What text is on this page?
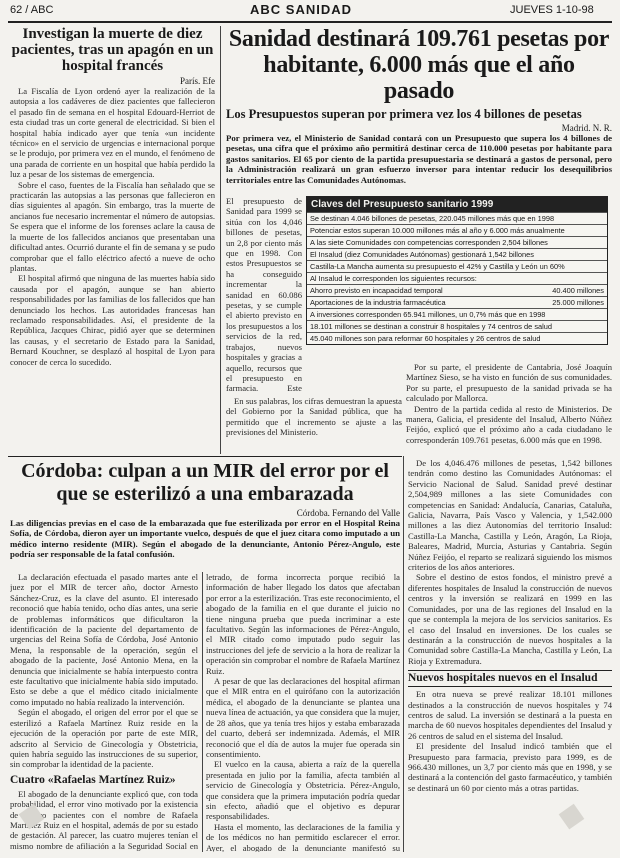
62 / ABC	ABC SANIDAD	JUEVES 1-10-98
Investigan la muerte de diez pacientes, tras un apagón en un hospital francés
París. Efe

La Fiscalía de Lyon ordenó ayer la realización de la autopsia a los cadáveres de diez pacientes que fallecieron el pasado fin de semana en el hospital Edouard-Herriot de esta ciudad tras un corte general de electricidad. Si bien el hospital había indicado ayer que tenía «un incidente técnico» en el servicio de urgencias e internacional porque se le produjo, por primera vez en el mundo, el fenómeno de una parada de corriente en un hospital que había perdido la luz a pesar de los sistemas de emergencia.

Sobre el caso, fuentes de la Fiscalía han señalado que se practicarán las autopsias a las personas que fallecieron en días siguientes al apagón. Sin embargo, tras la muerte de ancianos fue necesario incrementar el número de autopsias. Se espera que el informe de los forenses aclare la causa de la muerte de los fallecidos ancianos que presentaban una dificultad antes. Ocurrió durante el fin de semana y se pudo comprobar que el fallo eléctrico afectó a nueve de ocho plantas.

El hospital afirmó que ninguna de las muertes había sido causada por el apagón, aunque se han abierto responsabilidades por las familias de los fallecidos que han denunciado los hechos. Las autoridades francesas han reclamado responsabilidades. Así, el presidente de la República, Jacques Chirac, pidió ayer que se determinen las causas, y el secretario de Estado para la Sanidad, Bernard Kouchner, se desplazó al hospital de Lyon para conocer de cerca lo sucedido.

Sanidad destinará 109.761 pesetas por habitante, 6.000 más que el año pasado
Los Presupuestos superan por primera vez los 4 billones de pesetas
Madrid. N. R.

Por primera vez, el Ministerio de Sanidad contará con un Presupuesto que supera los 4 billones de pesetas, una cifra que el próximo año permitirá destinar cerca de 110.000 pesetas por habitante para gastos sanitarios. El 65 por ciento de la partida presupuestaria se destinará a gastos de personal, pero la Administración realizará un gran esfuerzo inversor para intentar reducir los desequilibrios territoriales entre las Comunidades Autónomas.

Claves del Presupuesto sanitario 1999
Se destinan 4.046 billones de pesetas, 220.045 millones más que en 1998
Potenciar estos superan 10.000 millones más al año y 6.000 más anualmente
A las siete Comunidades con competencias corresponden 2,504 billones
El Insalud (diez Comunidades Autónomas) gestionará 1,542 billones
Castilla-La Mancha aumenta su presupuesto el 42% y Castilla y León un 60%
Al Insalud le corresponden los siguientes recursos:
Ahorro previsto en incapacidad temporal	40.400 millones
Aportaciones de la industria farmacéutica	25.000 millones
A inversiones corresponden 65.941 millones, un 0,7% más que en 1998
18.101 millones se destinan a construir 8 hospitales y 74 centros de salud
45.040 millones son para reformar 60 hospitales y 26 centros de salud

El presupuesto de Sanidad para 1999 se sitúa con los 4,046 billones de pesetas, un 2,8 por ciento más que en 1998. Con estos Presupuestos se ha conseguido incrementar la sanidad en 60.086 pesetas, y se cumple el abierto previsto en los presupuestos a los servicios de la red, trabajos, nuevos hospitales y gracias a aquello, recursos que el presupuesto en farmacia. Este

En sus palabras, los cifras demuestran la apuesta del Gobierno por la Sanidad pública, que ha permitido que el incremento se ajuste a las previsiones del Ministerio.

Por su parte, el presidente de Cantabria, José Joaquín Martínez Sieso, se ha visto en función de sus comunidades. Por su parte, el presupuesto de la sanidad privada se ha calculado por Mallorca.

Dentro de la partida cedida al resto de Ministerios. De manera, Galicia, el presidente del Insalud, Alberto Núñez Feijóo, explicó que el próximo año a cada ciudadano le corresponderán 109.761 pesetas, 6.000 más que en 1998.

De los 4,046.476 millones de pesetas, 1,542 billones tendrán como destino las Comunidades Autónomas: el Servicio Nacional de Salud. Sanidad prevé destinar 2,504,989 millones a las siete Comunidades con competencias en Sanidad: Andalucía, Canarias, Cataluña, Galicia, Navarra, País Vasco y Valencia, y 1,542.000 millones a las diez Autonomías del territorio Insalud: Castilla-La Mancha, Castilla y León, Aragón, La Rioja, Baleares, Madrid, Murcia, Asturias y Cantabria. Según Núñez Feijóo, el reparto se realizará siguiendo los mismos criterios de los años anteriores.

Sobre el destino de estos fondos, el ministro prevé a diferentes hospitales de Insalud la construcción de nuevos centros y la inversión se realizará en 1999 en las Comunidades, por una de las regiones del Insalud en la que se contempla la mejora de los servicios sanitarios. Es el caso del Insalud en inversiones. De los cuales se destinarán a la construcción de nuevos hospitales a la Comunidad sobre Castilla-La Mancha, Castilla y León, La Rioja y Extremadura.

Nuevos hospitales nuevos en el Insalud

En otra nueva se prevé realizar 18.101 millones destinados a la construcción de nuevos hospitales y 74 centros de salud. La inversión se destinará a la puesta en marcha de 60 nuevos hospitales dependientes del Insalud y 26 centros de salud en el sistema del Insalud.

El presidente del Insalud indicó también que el Presupuesto para farmacia, previsto para 1999, es de 966.430 millones, un 3,7 por ciento más que en 1998, y se destinará a la contención del gasto farmacéutico, y también se destinará un 60 por ciento más a otras partidas.

Córdoba: culpan a un MIR del error por el que se esterilizó a una embarazada
Córdoba. Fernando del Valle

Las diligencias previas en el caso de la embarazada que fue esterilizada por error en el Hospital Reina Sofía, de Córdoba, dieron ayer un importante vuelco, después de que el juez citara como imputado a un médico interno residente (MIR). Según el abogado de la denunciante, Antonio Pérez-Angulo, este podría ser responsable de la fatal confusión.

La declaración efectuada el pasado martes ante el juez por el MIR de tercer año, doctor Arnesto Sánchez-Cruz, es la clave del asunto. El interesado reconoció que había tenido, ocho días antes, una serie de problemas informáticos que dificultaron la identificación de la paciente del departamento de urgencias del Reina Sofía de Córdoba, José Antonio Mena, la responsable de la operación, según el abogado de la paciente, José Antonio Mena, en la denuncia que inicialmente se había interpuesto contra este facultativo que inicialmente había sido imputado. Esto se debe a que el médico citado inicialmente como imputado no había realizado la intervención.

Según el abogado, el origen del error por el que se esterilizó a Rafaela Martínez Ruiz reside en la ejecución de la operación por parte de este MIR, adscrito al Servicio de Ginecología y Obstetricia, quien habría seguido las instrucciones de su superior, sin comprobar la identidad de la paciente.

Cuatro «Rafaelas Martínez Ruiz»

El abogado de la denunciante explicó que, con toda probabilidad, el error vino motivado por la existencia de cuatro pacientes con el nombre de Rafaela Martínez Ruiz en el hospital, además de por su estado de gestación. Al parecer, las cuatro mujeres tenían el mismo nombre de afiliación a la Seguridad Social en

letrado, de forma incorrecta porque recibió la información de haber llegado los datos que afectaban por error a la esterilización. Tras este reconocimiento, el abogado de la familia en el que durante el juicio no tiene ninguna prueba que pueda incriminar a este facultativo. Según las informaciones de Pérez-Angulo, el MIR citado como imputado pudo seguir las instrucciones del jefe de servicio a la hora de realizar la operación sin comprobar el nombre de Rafaela Martínez Ruiz.

A pesar de que las declaraciones del hospital afirman que el MIR entra en el quirófano con la autorización médica, el abogado de la denunciante se plantea una nueva línea de actuación, ya que considera que la mujer, de 28 años, que ya tenía tres hijos y estaba embarazada del cuarto, deberá ser indemnizada. Además, el MIR reconoció que el día de autos la mujer fue operada sin consentimiento.

El vuelco en la causa, abierta a raíz de la querella presentada en julio por la familia, afecta también al servicio de Ginecología y Obstetricia. Pérez-Angulo, que considera que la primera imputación podría quedar sin efecto, añadió que el objetivo es depurar responsabilidades.

Hasta el momento, las declaraciones de la familia y de los médicos no han permitido esclarecer el error. Ayer, el abogado de la denunciante manifestó su

■	■
